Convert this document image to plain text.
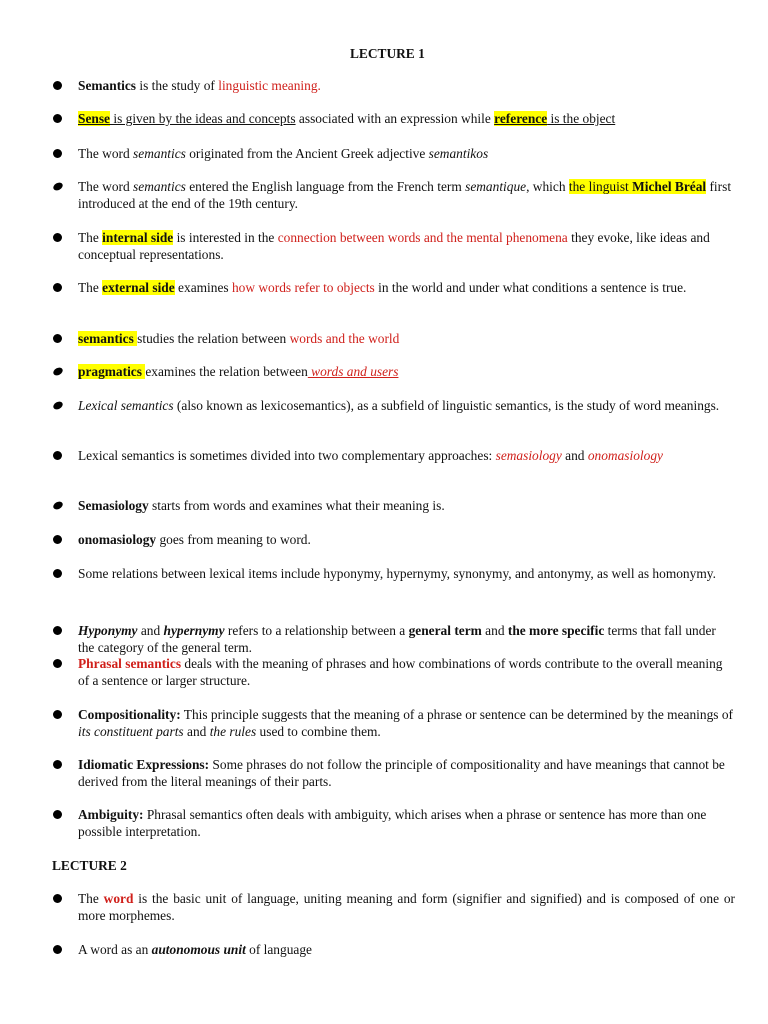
LECTURE 1

Semantics is the study of linguistic meaning.

Sense is given by the ideas and concepts associated with an expression while reference is the object

The word semantics originated from the Ancient Greek adjective semantikos

The word semantics entered the English language from the French term semantique, which the linguist Michel Bréal first introduced at the end of the 19th century.

The internal side is interested in the connection between words and the mental phenomena they evoke, like ideas and conceptual representations.

The external side examines how words refer to objects in the world and under what conditions a sentence is true.

semantics studies the relation between words and the world

pragmatics examines the relation between words and users

Lexical semantics (also known as lexicosemantics), as a subfield of linguistic semantics, is the study of word meanings.

Lexical semantics is sometimes divided into two complementary approaches: semasiology and onomasiology

Semasiology starts from words and examines what their meaning is.

onomasiology goes from meaning to word.

Some relations between lexical items include hyponymy, hypernymy, synonymy, and antonymy, as well as homonymy.

Hyponymy and hypernymy refers to a relationship between a general term and the more specific terms that fall under the category of the general term.

Phrasal semantics deals with the meaning of phrases and how combinations of words contribute to the overall meaning of a sentence or larger structure.

Compositionality: This principle suggests that the meaning of a phrase or sentence can be determined by the meanings of its constituent parts and the rules used to combine them.

Idiomatic Expressions: Some phrases do not follow the principle of compositionality and have meanings that cannot be derived from the literal meanings of their parts.

Ambiguity: Phrasal semantics often deals with ambiguity, which arises when a phrase or sentence has more than one possible interpretation.

LECTURE 2

The word is the basic unit of language, uniting meaning and form (signifier and signified) and is composed of one or more morphemes.

A word as an autonomous unit of language
